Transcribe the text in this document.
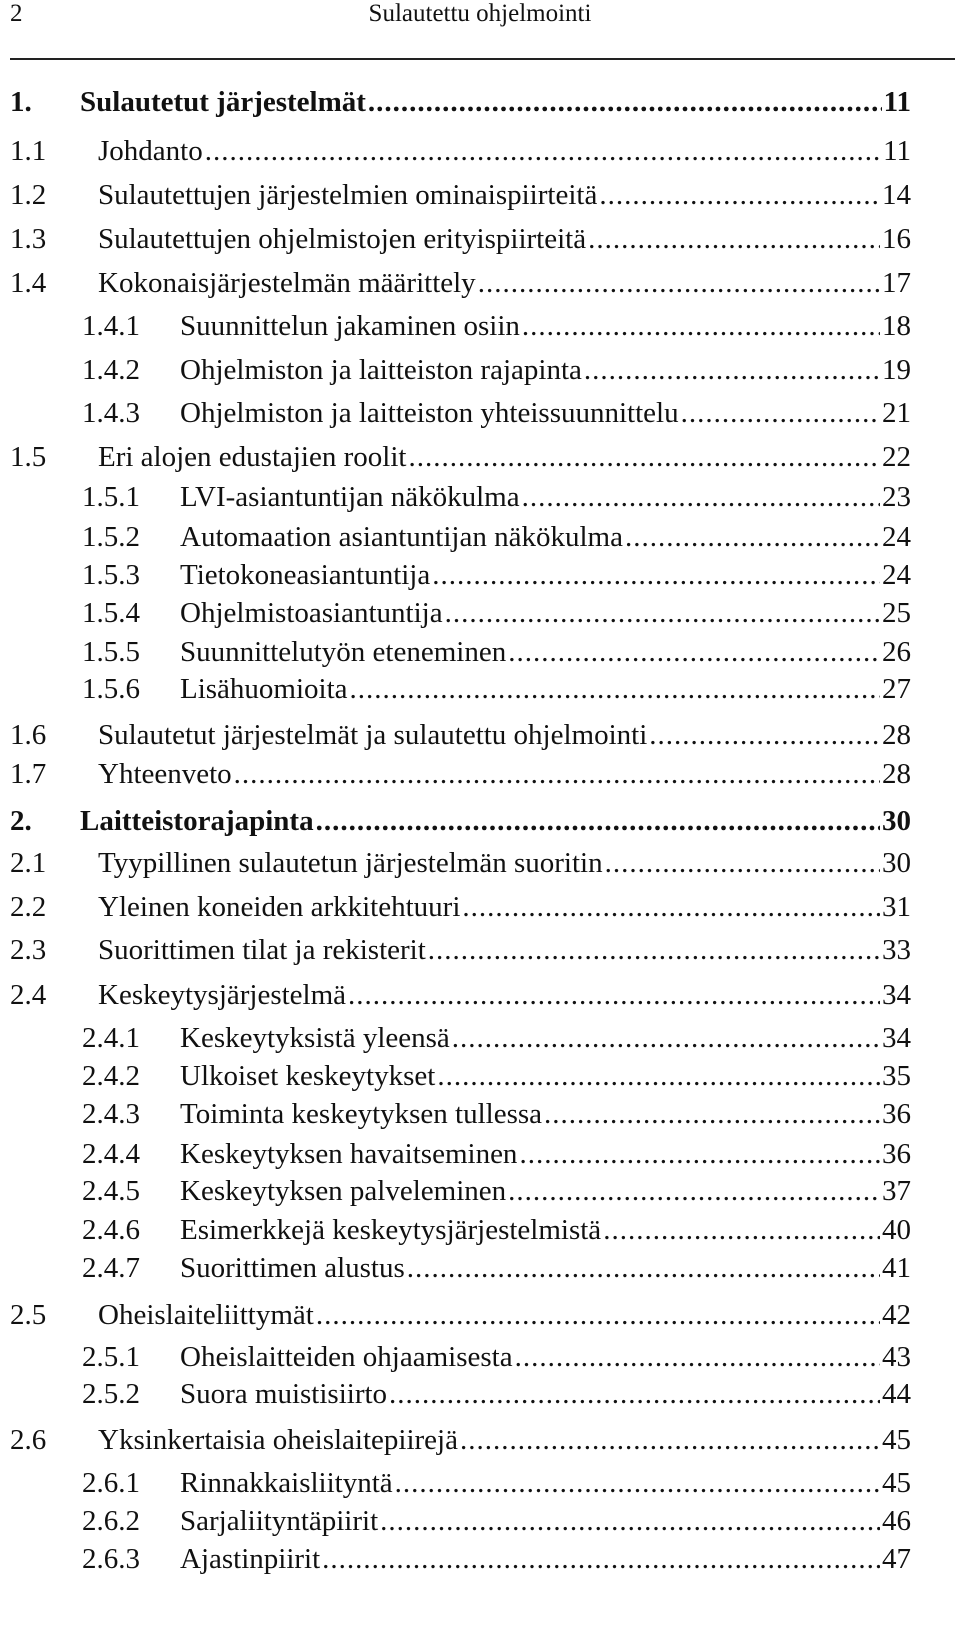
2	Sulautettu ohjelmointi
1.	Sulautetut järjestelmät .....	11
1.1	Johdanto .....	11
1.2	Sulautettujen järjestelmien ominaispiirteitä .....	14
1.3	Sulautettujen ohjelmistojen erityispiirteitä .....	16
1.4	Kokonaisjärjestelmän määrittely .....	17
1.4.1	Suunnittelun jakaminen osiin .....	18
1.4.2	Ohjelmiston ja laitteiston rajapinta .....	19
1.4.3	Ohjelmiston ja laitteiston yhteissuunnittelu .....	21
1.5	Eri alojen edustajien roolit .....	22
1.5.1	LVI-asiantuntijan näkökulma .....	23
1.5.2	Automaation asiantuntijan näkökulma .....	24
1.5.3	Tietokoneasiantuntija .....	24
1.5.4	Ohjelmistoasiantuntija .....	25
1.5.5	Suunnittelutyön eteneminen .....	26
1.5.6	Lisähuomioita .....	27
1.6	Sulautetut järjestelmät ja sulautettu ohjelmointi .....	28
1.7	Yhteenveto .....	28
2.	Laitteistorajapinta .....	30
2.1	Tyypillinen sulautetun järjestelmän suoritin .....	30
2.2	Yleinen koneiden arkkitehtuuri .....	31
2.3	Suorittimen tilat ja rekisterit .....	33
2.4	Keskeytysjärjestelmä .....	34
2.4.1	Keskeytyksistä yleensä .....	34
2.4.2	Ulkoiset keskeytykset .....	35
2.4.3	Toiminta keskeytyksen tullessa .....	36
2.4.4	Keskeytyksen havaitseminen .....	36
2.4.5	Keskeytyksen palveleminen .....	37
2.4.6	Esimerkkejä keskeytysjärjestelmistä .....	40
2.4.7	Suorittimen alustus .....	41
2.5	Oheislaiteliittymät .....	42
2.5.1	Oheislaitteiden ohjaamisesta .....	43
2.5.2	Suora muistisiirto .....	44
2.6	Yksinkertaisia oheislaitepiirejä .....	45
2.6.1	Rinnakkaisliityntä .....	45
2.6.2	Sarjaliityntäpiirit .....	46
2.6.3	Ajastinpiirit .....	47
